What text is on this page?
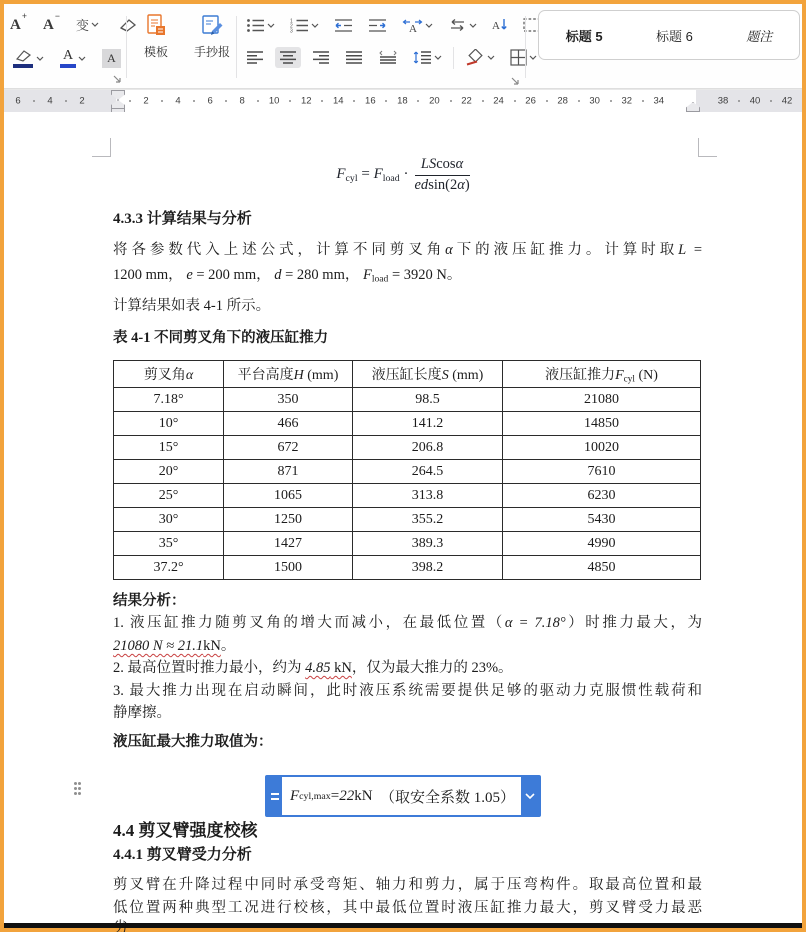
A+
A−
变
A	A	模板 手抄报
1
2
3	A	A
标题 5	标题 6	题注
6	4	2	2	4	6	8	10 12 14 16 18 20 22 24 26 28 30 32 34	38 40 42
$F_{cyl} = F_{load} \cdot \frac{LScos\alpha}{edsin(2\alpha)}$
4.3.3 计算结果与分析
将各参数代入上述公式，计算不同剪叉角α下的液压缸推力。计算时取L =
1200 mm， e = 200 mm， d = 280 mm， $F_{load} = 3920$ N。
计算结果如表 4-1 所示。
表 4-1 不同剪叉角下的液压缸推力
剪叉角α	平台高度H (mm)	液压缸长度S (mm)	液压缸推力$F_{cyl}$ (N)
7.18°	350	98.5	21080
10°	466	141.2	14850
15°	672	206.8	10020
20°	871	264.5	7610
25°	1065	313.8	6230
30°	1250	355.2	5430
35°	1427	389.3	4990
37.2°	1500	398.2	4850
结果分析：
1. 液压缸推力随剪叉角的增大而减小，在最低位置（α = 7.18°）时推力最大，为
21080 N ≈ 21.1kN。
2. 最高位置时推力最小，约为 4.85 kN，仅为最大推力的 23%。
3. 最大推力出现在启动瞬间，此时液压系统需要提供足够的驱动力克服惯性载荷和
静摩擦。
液压缸最大推力取值为：
F cyl,max = 22 kN 　（取安全系数 1.05）
4.4 剪叉臂强度校核
4.4.1 剪叉臂受力分析
剪叉臂在升降过程中同时承受弯矩、轴力和剪力，属于压弯构件。取最高位置和最
低位置两种典型工况进行校核，其中最低位置时液压缸推力最大，剪叉臂受力最恶
